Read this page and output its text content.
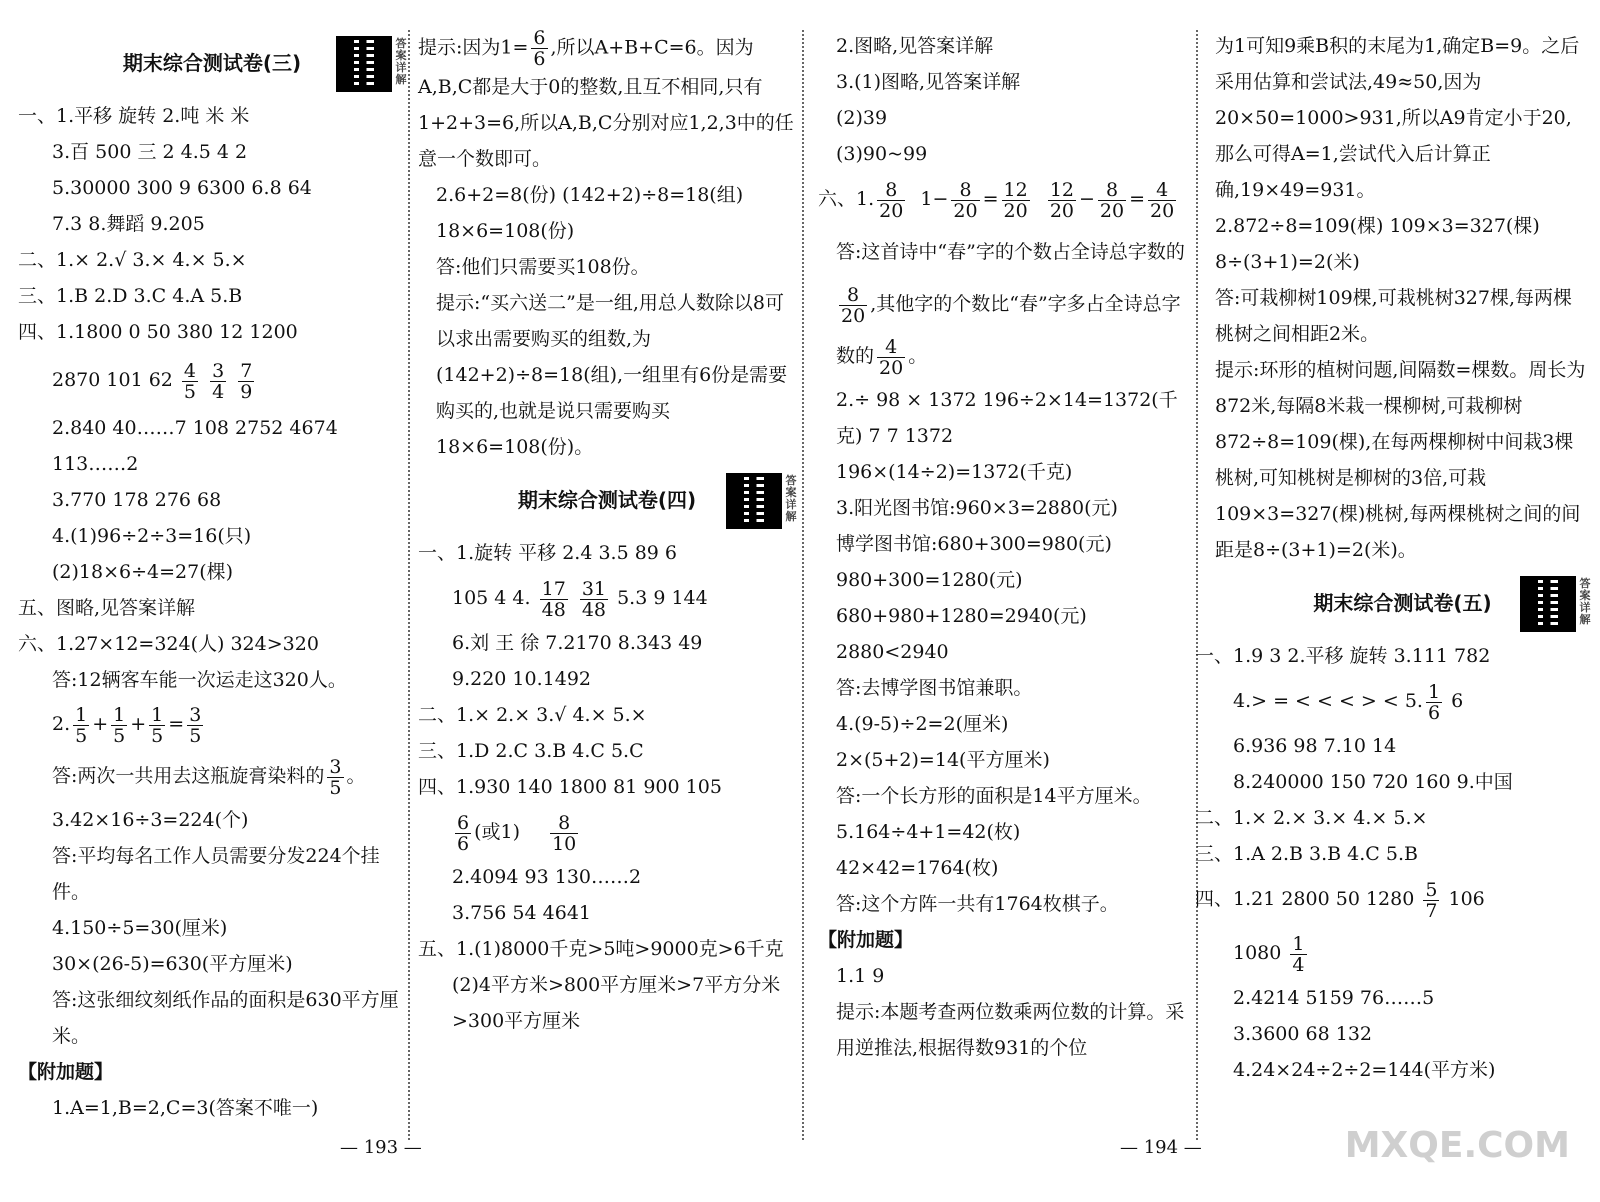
期末综合测试卷(三)
答案详解
一、1.平移 旋转 2.吨 米 米
3.百 500 三 2 4.5 4 2
5.30000 300 9 6300 6.8 64
7.3 8.舞蹈 9.205
二、1.× 2.√ 3.× 4.× 5.×
三、1.B 2.D 3.C 4.A 5.B
四、1.1800 0 50 380 12 1200
2870 101 $62 \frac{4}{5}$
$\frac{3}{4}$
$\frac{7}{9}$
2.840 40……7 108 2752 4674
113……2
3.770 178 276 68
4.(1)96÷2÷3=16(只)
(2)18×6÷4=27(棵)
五、图略,见答案详解
六、1.27×12=324(人) 324>320
答:12辆客车能一次运走这320人。
2. $\frac{1}{5} + \frac{1}{5} + \frac{1}{5} = \frac{3}{5}$
答:两次一共用去这瓶旋膏染料的 $\frac{3}{5}$ 。
3.42×16÷3=224(个)
答:平均每名工作人员需要分发224个挂件。
4.150÷5=30(厘米)
30×(26-5)=630(平方厘米)
答:这张细纹刻纸作品的面积是630平方厘米。
【附加题】
1.A=1,B=2,C=3(答案不唯一)
提示:因为$1= \frac{6}{6}$ ,所以A+B+C=6。因为A,B,C都是大于0的整数,且互不相同,只有1+2+3=6,所以A,B,C分别对应1,2,3中的任意一个数即可。
2.6+2=8(份) (142+2)÷8=18(组)
18×6=108(份)
答:他们只需要买108份。
提示:“买六送二”是一组,用总人数除以8可以求出需要购买的组数,为(142+2)÷8=18(组),一组里有6份是需要购买的,也就是说只需要购买18×6=108(份)。
期末综合测试卷(四)
答案详解
一、1.旋转 平移 2.4 3.5 89 6
105 4 4. $\frac{17}{48}$
$\frac{31}{48} 5.3$ 9 144
6.刘 王 徐 7.2170 8.343 49
9.220 10.1492
二、1.× 2.× 3.√ 4.× 5.×
三、1.D 2.C 3.B 4.C 5.C
四、1.930 140 1800 81 900 105
$\frac{6}{6}$ (或$1) \frac{8}{10}$
2.4094 93 130……2
3.756 54 4641
五、1.(1)8000千克>5吨>9000克>6千克
(2)4平方米>800平方厘米>7平方分米>300平方厘米
2.图略,见答案详解
3.(1)图略,见答案详解
(2)39
(3)90~99
六、1. $\frac{8}{20} 1- \frac{8}{20} = \frac{12}{20}$
$\frac{12}{20} - \frac{8}{20} = \frac{4}{20}$
答:这首诗中“春”字的个数占全诗总字数的
$\frac{8}{20}$ ,其他字的个数比“春”字多占全诗总字数的 $\frac{4}{20}$ 。
2.÷ 98 × 1372 196÷2×14=1372(千克) 7 7 1372
196×(14÷2)=1372(千克)
3.阳光图书馆:960×3=2880(元)
博学图书馆:680+300=980(元)
980+300=1280(元)
680+980+1280=2940(元)
2880<2940
答:去博学图书馆兼职。
4.(9-5)÷2=2(厘米)
2×(5+2)=14(平方厘米)
答:一个长方形的面积是14平方厘米。
5.164÷4+1=42(枚)
42×42=1764(枚)
答:这个方阵一共有1764枚棋子。
【附加题】
1.1 9
提示:本题考查两位数乘两位数的计算。采用逆推法,根据得数931的个位
为1可知9乘B积的末尾为1,确定B=9。之后采用估算和尝试法,49≈50,因为20×50=1000>931,所以A9肯定小于20,那么可得A=1,尝试代入后计算正确,19×49=931。
2.872÷8=109(棵) 109×3=327(棵)
8÷(3+1)=2(米)
答:可栽柳树109棵,可栽桃树327棵,每两棵桃树之间相距2米。
提示:环形的植树问题,间隔数=棵数。周长为872米,每隔8米栽一棵柳树,可栽柳树872÷8=109(棵),在每两棵柳树中间栽3棵桃树,可知桃树是柳树的3倍,可栽109×3=327(棵)桃树,每两棵桃树之间的间距是8÷(3+1)=2(米)。
期末综合测试卷(五)
答案详解
一、1.9 3 2.平移 旋转 3.111 782
4.> = < < < > < 5. $\frac{1}{6} 6$
6.936 98 7.10 14
8.240000 150 720 160 9.中国
二、1.× 2.× 3.× 4.× 5.×
三、1.A 2.B 3.B 4.C 5.B
四、1.21 2800 50 $1280 \frac{5}{7} 106$
$1080 \frac{1}{4}$
2.4214 5159 76……5
3.3600 68 132
4.24×24÷2÷2=144(平方米)
— 193 —	— 194 —	MXQE.COM
